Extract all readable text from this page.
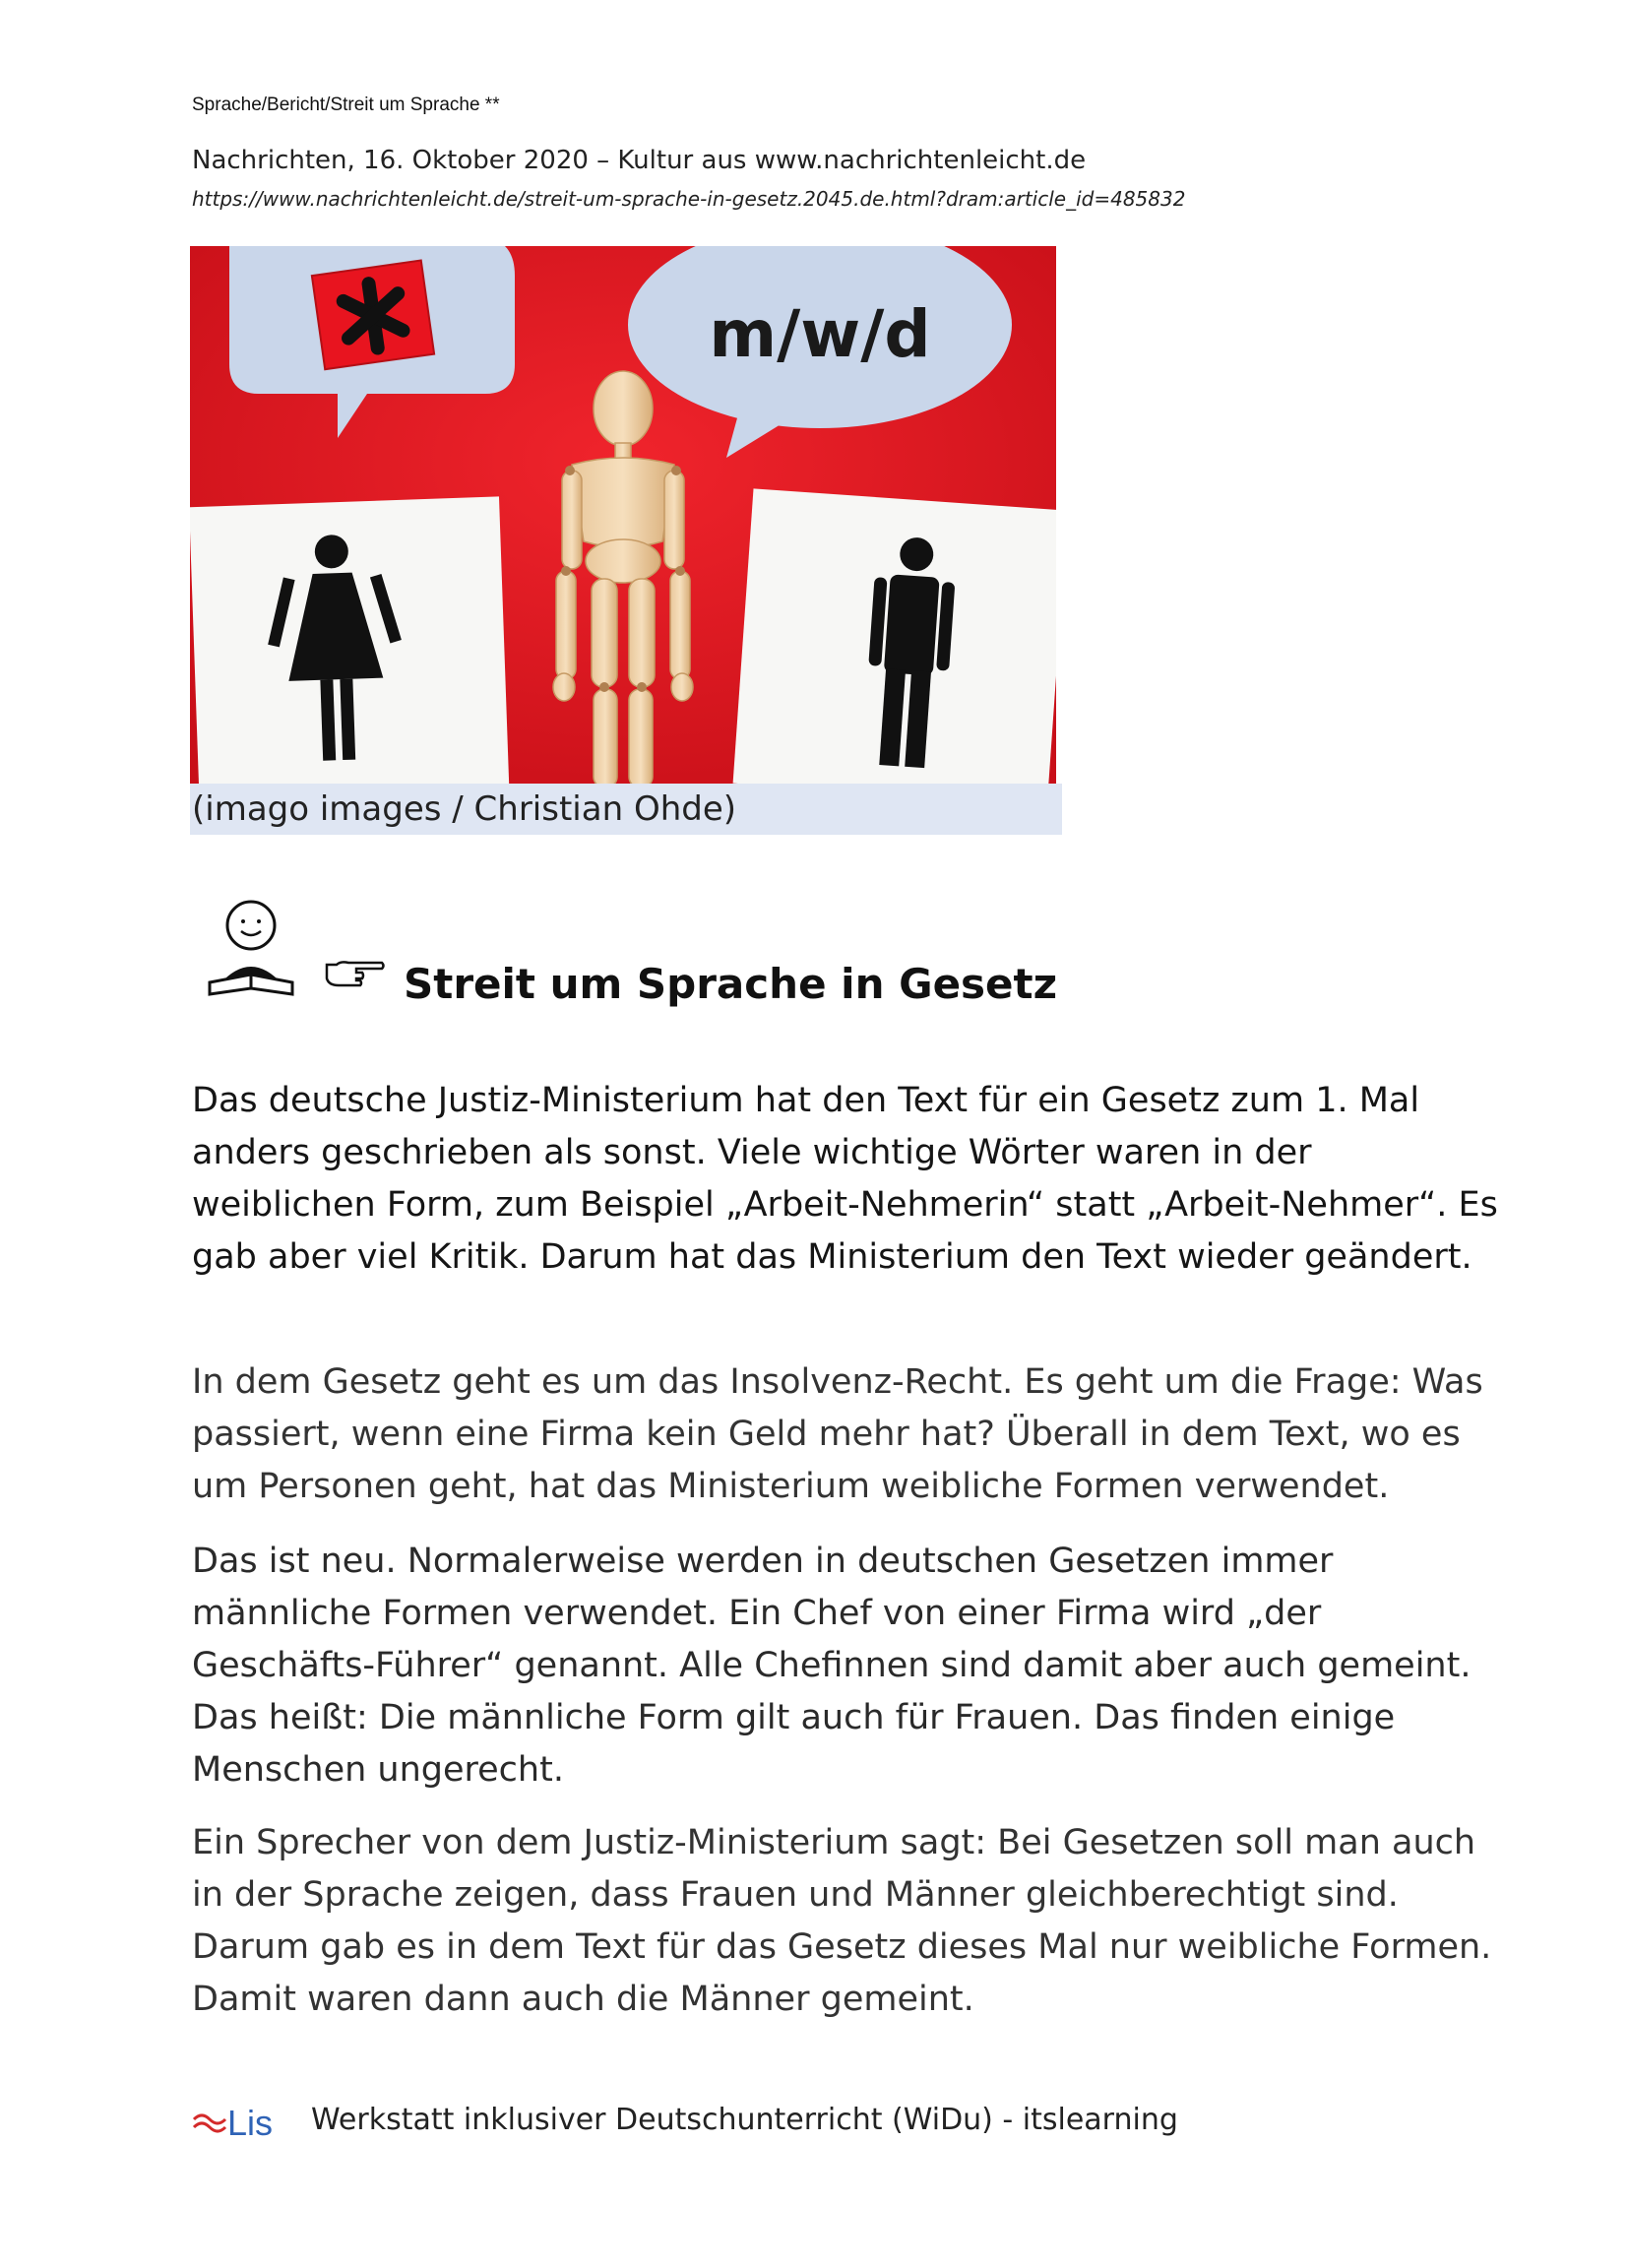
Sprache/Bericht/Streit um Sprache **
Nachrichten, 16. Oktober 2020 – Kultur aus www.nachrichtenleicht.de
https://www.nachrichtenleicht.de/streit-um-sprache-in-gesetz.2045.de.html?dram:article_id=485832
m/w/d
(imago images / Christian Ohde)
Streit um Sprache in Gesetz
Das deutsche Justiz-Ministerium hat den Text für ein Gesetz zum 1. Mal anders geschrieben als sonst. Viele wichtige Wörter waren in der weiblichen Form, zum Beispiel „Arbeit-Nehmerin“ statt „Arbeit-Nehmer“. Es gab aber viel Kritik. Darum hat das Ministerium den Text wieder geändert.
In dem Gesetz geht es um das Insolvenz-Recht. Es geht um die Frage: Was passiert, wenn eine Firma kein Geld mehr hat? Überall in dem Text, wo es um Personen geht, hat das Ministerium weibliche Formen verwendet.
Das ist neu. Normalerweise werden in deutschen Gesetzen immer männliche Formen verwendet. Ein Chef von einer Firma wird „der Geschäfts-Führer“ genannt. Alle Chefinnen sind damit aber auch gemeint. Das heißt: Die männliche Form gilt auch für Frauen. Das finden einige Menschen ungerecht.
Ein Sprecher von dem Justiz-Ministerium sagt: Bei Gesetzen soll man auch in der Sprache zeigen, dass Frauen und Männer gleichberechtigt sind. Darum gab es in dem Text für das Gesetz dieses Mal nur weibliche Formen. Damit waren dann auch die Männer gemeint.
Lis Werkstatt inklusiver Deutschunterricht (WiDu) - itslearning
